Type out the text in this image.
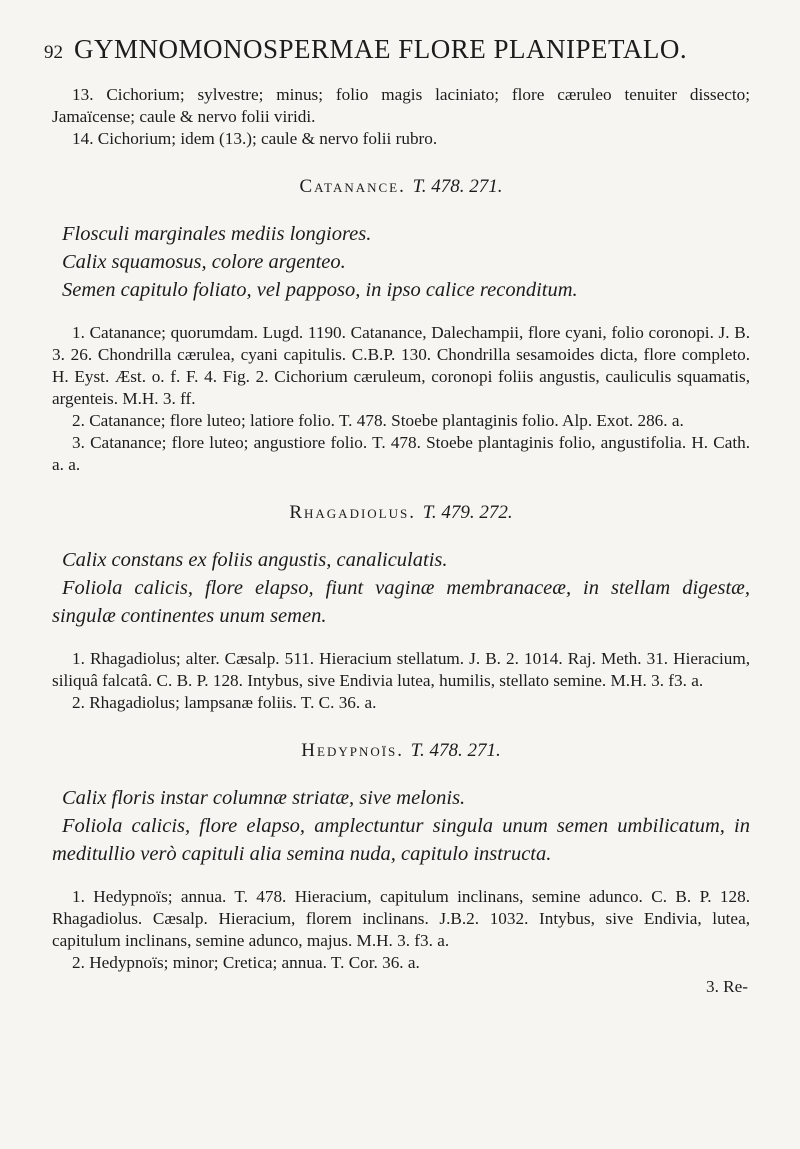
92 GYMNOMONOSPERMAE FLORE PLANIPETALO.

13. Cichorium; sylvestre; minus; folio magis laciniato; flore cæruleo tenuiter dissecto; Jamaïcense; caule & nervo folii viridi.

14. Cichorium; idem (13.); caule & nervo folii rubro.

Catanance. T. 478. 271.

Flosculi marginales mediis longiores.

Calix squamosus, colore argenteo.

Semen capitulo foliato, vel papposo, in ipso calice reconditum.

1. Catanance; quorumdam. Lugd. 1190. Catanance, Dalechampii, flore cyani, folio coronopi. J. B. 3. 26. Chondrilla cærulea, cyani capitulis. C.B.P. 130. Chondrilla sesamoides dicta, flore completo. H. Eyst. Æst. o. f. F. 4. Fig. 2. Cichorium cæruleum, coronopi foliis angustis, cauliculis squamatis, argenteis. M.H. 3. ff.

2. Catanance; flore luteo; latiore folio. T. 478. Stoebe plantaginis folio. Alp. Exot. 286. a.

3. Catanance; flore luteo; angustiore folio. T. 478. Stoebe plantaginis folio, angustifolia. H. Cath. a. a.

Rhagadiolus. T. 479. 272.

Calix constans ex foliis angustis, canaliculatis.

Foliola calicis, flore elapso, fiunt vaginæ membranaceæ, in stellam digestæ, singulæ continentes unum semen.

1. Rhagadiolus; alter. Cæsalp. 511. Hieracium stellatum. J. B. 2. 1014. Raj. Meth. 31. Hieracium, siliquâ falcatâ. C. B. P. 128. Intybus, sive Endivia lutea, humilis, stellato semine. M.H. 3. f3. a.

2. Rhagadiolus; lampsanæ foliis. T. C. 36. a.

Hedypnoïs. T. 478. 271.

Calix floris instar columnæ striatæ, sive melonis.

Foliola calicis, flore elapso, amplectuntur singula unum semen umbilicatum, in meditullio verò capituli alia semina nuda, capitulo instructa.

1. Hedypnoïs; annua. T. 478. Hieracium, capitulum inclinans, semine adunco. C. B. P. 128. Rhagadiolus. Cæsalp. Hieracium, florem inclinans. J.B.2. 1032. Intybus, sive Endivia, lutea, capitulum inclinans, semine adunco, majus. M.H. 3. f3. a.

2. Hedypnoïs; minor; Cretica; annua. T. Cor. 36. a.

3. Re-
